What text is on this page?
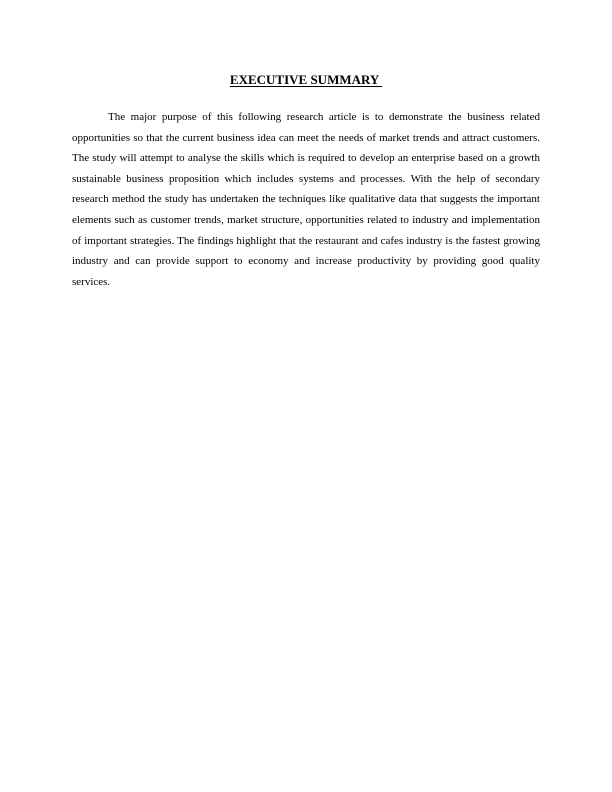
EXECUTIVE SUMMARY

The major purpose of this following research article is to demonstrate the business related opportunities so that the current business idea can meet the needs of market trends and attract customers. The study will attempt to analyse the skills which is required to develop an enterprise based on a growth sustainable business proposition which includes systems and processes. With the help of secondary research method the study has undertaken the techniques like qualitative data that suggests the important elements such as customer trends, market structure, opportunities related to industry and implementation of important strategies. The findings highlight that the restaurant and cafes industry is the fastest growing industry and can provide support to economy and increase productivity by providing good quality services.
